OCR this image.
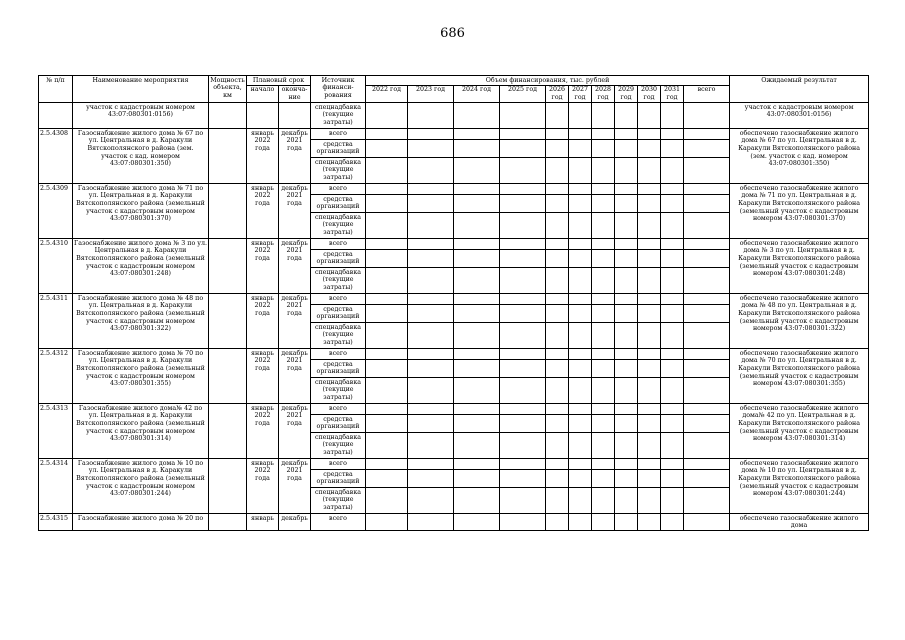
686
№ п/п	Наименование мероприятия	Мощность объекта, км	Плановый срок		Источник финанси-рования	Объем финансирования, тыс. рублей											Ожидаемый результат
			начало	оконча-ние		2022 год	2023 год	2024 год	2025 год	2026 год	2027 год	2028 год	2029 год	2030 год	2031 год	всего	

	участок с кадастровым номером 43:07:080301:0156)				спецнадбавка (текущие затраты)												участок с кадастровым номером 43:07:080301:0156)
2.5.4308	Газоснабжение жилого дома № 67 по ул. Центральная в д. Каракули Вятскополянского района (зем. участок с кад. номером 43:07:080301:350)		январь 2022 года	декабрь 2021 года	всего												обеспечено газоснабжение жилого дома № 67 по ул. Центральная в д. Каракули Вятскополянского района (зем. участок с кад. номером 43:07:080301:350)
					средства организаций												
					спецнадбавка (текущие затраты)												
2.5.4309	Газоснабжение жилого дома № 71 по ул. Центральная в д. Каракули Вятскополянского района (земельный участок с кадастровым номером 43:07:080301:370)		январь 2022 года	декабрь 2021 года	всего												обеспечено газоснабжение жилого дома № 71 по ул. Центральная в д. Каракули Вятскополянского района (земельный участок с кадастровым номером 43:07:080301:370)
					средства организаций												
					спецнадбавка (текущие затраты)												
2.5.4310	Газоснабжение жилого дома № 3 по ул. Центральная в д. Каракули Вятскополянского района (земельный участок с кадастровым номером 43:07:080301:248)		январь 2022 года	декабрь 2021 года	всего												обеспечено газоснабжение жилого дома № 3 по ул. Центральная в д. Каракули Вятскополянского района (земельный участок с кадастровым номером 43:07:080301:248)
					средства организаций												
					спецнадбавка (текущие затраты)												
2.5.4311	Газоснабжение жилого дома № 48 по ул. Центральная в д. Каракули Вятскополянского района (земельный участок с кадастровым номером 43:07:080301:322)		январь 2022 года	декабрь 2021 года	всего												обеспечено газоснабжение жилого дома № 48 по ул. Центральная в д. Каракули Вятскополянского района (земельный участок с кадастровым номером 43:07:080301:322)
					средства организаций												
					спецнадбавка (текущие затраты)												
2.5.4312	Газоснабжение жилого дома № 70 по ул. Центральная в д. Каракули Вятскополянского района (земельный участок с кадастровым номером 43:07:080301:355)		январь 2022 года	декабрь 2021 года	всего												обеспечено газоснабжение жилого дома № 70 по ул. Центральная в д. Каракули Вятскополянского района (земельный участок с кадастровым номером 43:07:080301:355)
					средства организаций												
					спецнадбавка (текущие затраты)												
2.5.4313	Газоснабжение жилого дома№ 42 по ул. Центральная в д. Каракули Вятскополянского района (земельный участок с кадастровым номером 43:07:080301:314)		январь 2022 года	декабрь 2021 года	всего												обеспечено газоснабжение жилого дома№ 42 по ул. Центральная в д. Каракули Вятскополянского района (земельный участок с кадастровым номером 43:07:080301:314)
					средства организаций												
					спецнадбавка (текущие затраты)												
2.5.4314	Газоснабжение жилого дома № 10 по ул. Центральная в д. Каракули Вятскополянского района (земельный участок с кадастровым номером 43:07:080301:244)		январь 2022 года	декабрь 2021 года	всего												обеспечено газоснабжение жилого дома № 10 по ул. Центральная в д. Каракули Вятскополянского района (земельный участок с кадастровым номером 43:07:080301:244)
					средства организаций												
					спецнадбавка (текущие затраты)												
2.5.4315	Газоснабжение жилого дома № 20 по		январь	декабрь	всего												обеспечено газоснабжение жилого дома
